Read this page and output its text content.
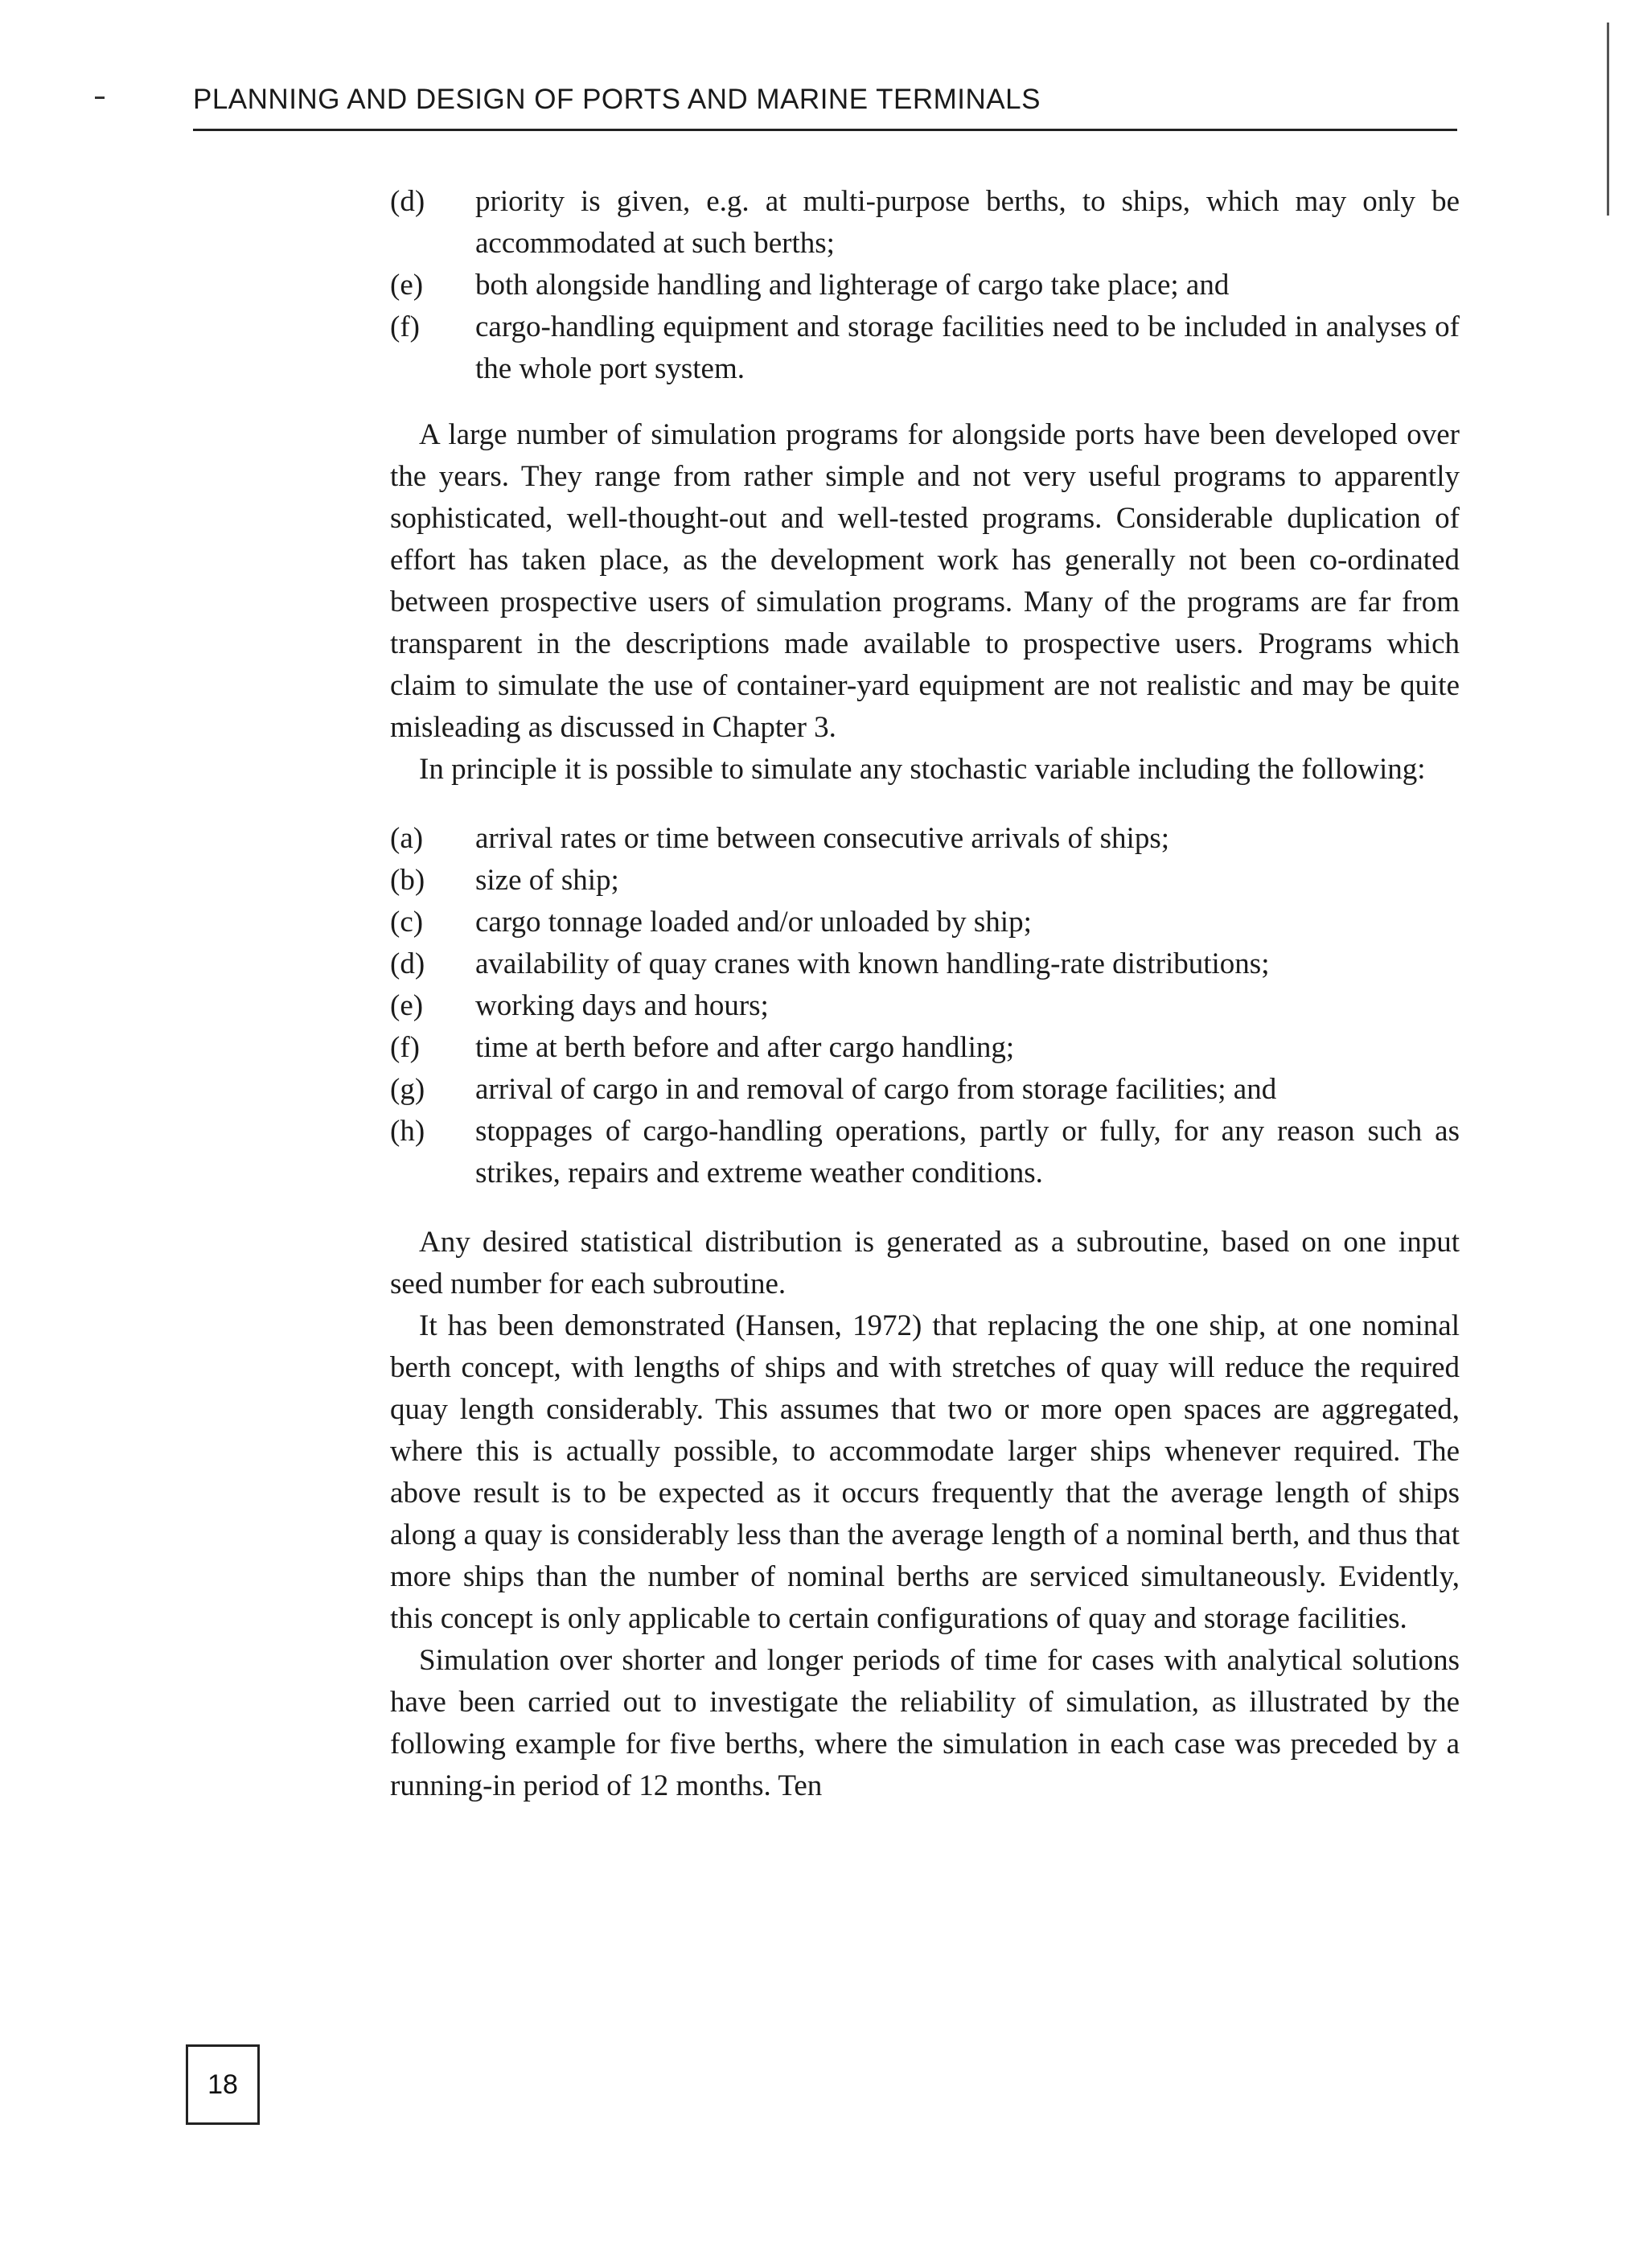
PLANNING AND DESIGN OF PORTS AND MARINE TERMINALS
(d)	priority is given, e.g. at multi-purpose berths, to ships, which may only be accommodated at such berths;
(e)	both alongside handling and lighterage of cargo take place; and
(f)	cargo-handling equipment and storage facilities need to be included in analyses of the whole port system.

A large number of simulation programs for alongside ports have been developed over the years. They range from rather simple and not very useful programs to apparently sophisticated, well-thought-out and well-tested programs. Considerable duplication of effort has taken place, as the development work has generally not been co-ordinated between prospective users of simulation programs. Many of the programs are far from transparent in the descriptions made available to prospective users. Programs which claim to simulate the use of container-yard equipment are not realistic and may be quite misleading as discussed in Chapter 3.

In principle it is possible to simulate any stochastic variable including the following:

(a)	arrival rates or time between consecutive arrivals of ships;
(b)	size of ship;
(c)	cargo tonnage loaded and/or unloaded by ship;
(d)	availability of quay cranes with known handling-rate distributions;
(e)	working days and hours;
(f)	time at berth before and after cargo handling;
(g)	arrival of cargo in and removal of cargo from storage facilities; and
(h)	stoppages of cargo-handling operations, partly or fully, for any reason such as strikes, repairs and extreme weather conditions.

Any desired statistical distribution is generated as a subroutine, based on one input seed number for each subroutine.

It has been demonstrated (Hansen, 1972) that replacing the one ship, at one nominal berth concept, with lengths of ships and with stretches of quay will reduce the required quay length considerably. This assumes that two or more open spaces are aggregated, where this is actually possible, to accommodate larger ships whenever required. The above result is to be expected as it occurs frequently that the average length of ships along a quay is considerably less than the average length of a nominal berth, and thus that more ships than the number of nominal berths are serviced simultaneously. Evidently, this concept is only applicable to certain configurations of quay and storage facilities.

Simulation over shorter and longer periods of time for cases with analytical solutions have been carried out to investigate the reliability of simulation, as illustrated by the following example for five berths, where the simulation in each case was preceded by a running-in period of 12 months. Ten

18
